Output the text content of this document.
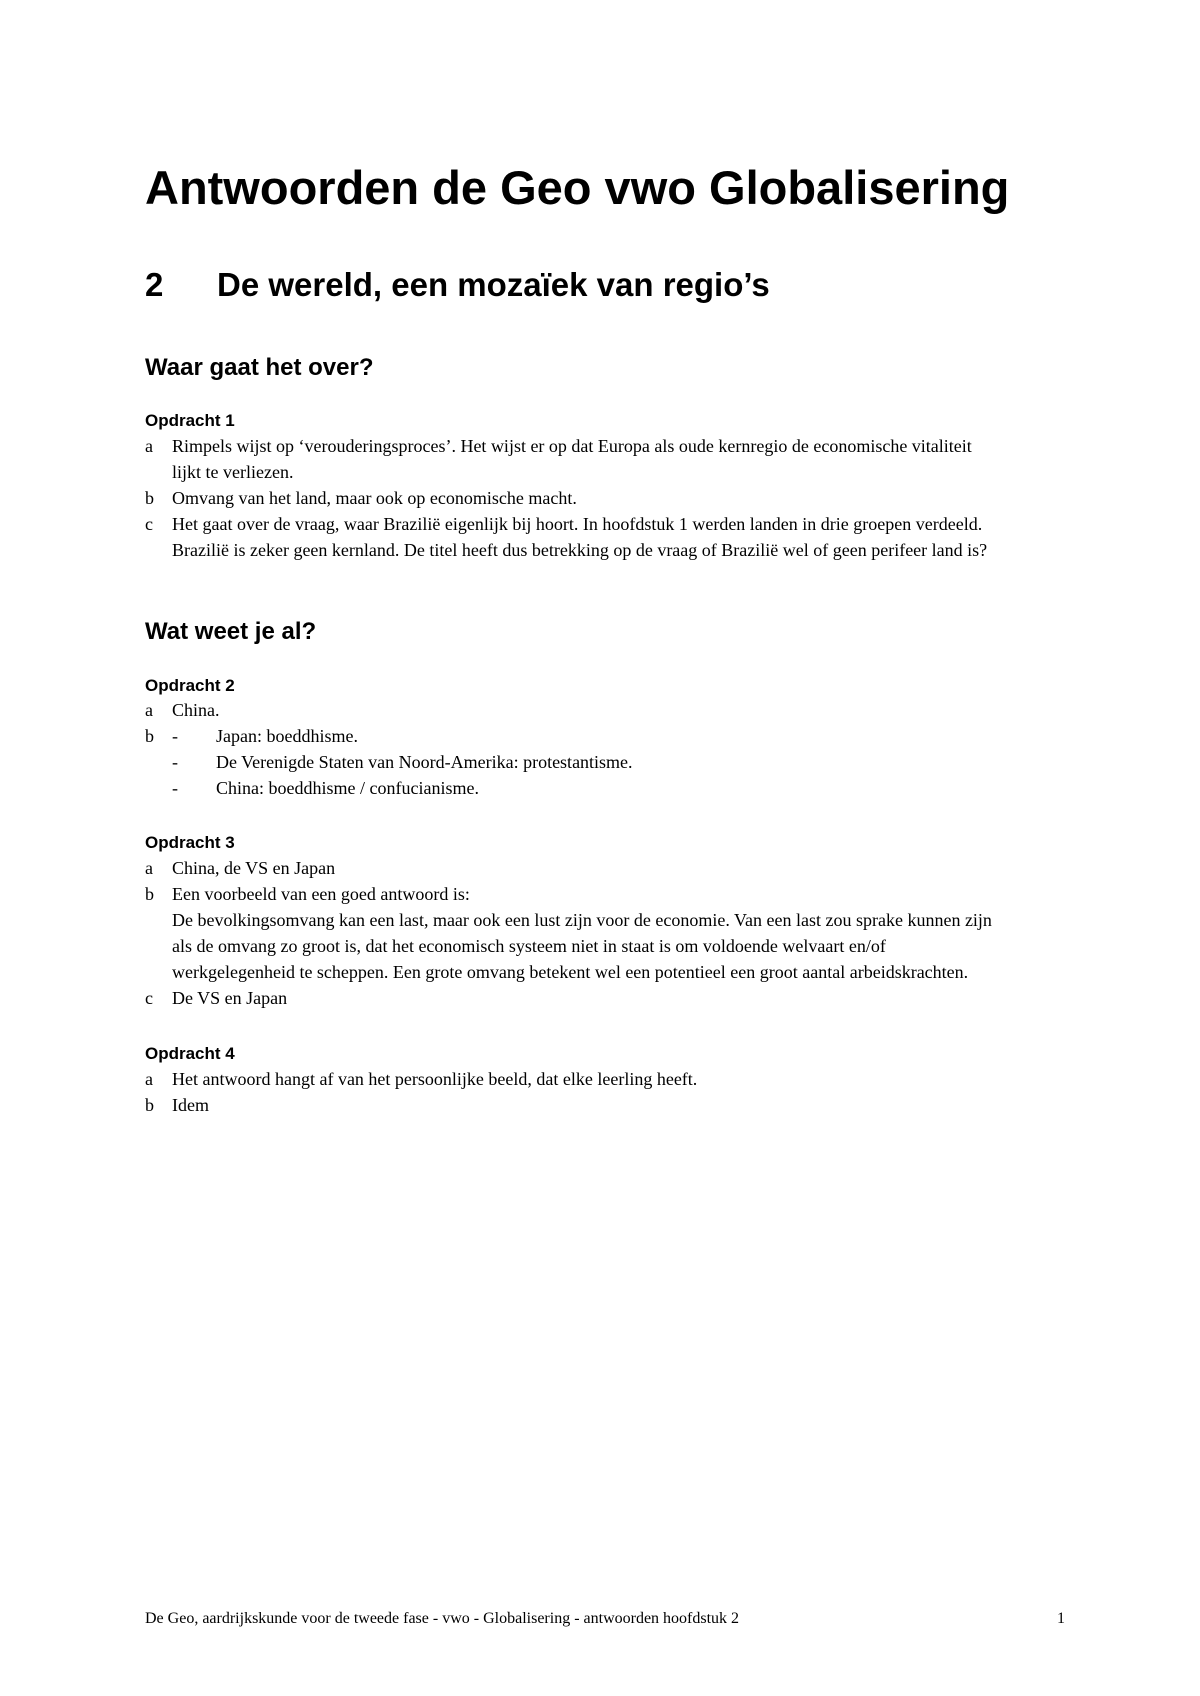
Antwoorden de Geo vwo Globalisering
2 De wereld, een mozaïek van regio’s
Waar gaat het over?
Opdracht 1
a Rimpels wijst op ‘verouderingsproces’. Het wijst er op dat Europa als oude kernregio de economische vitaliteit
lijkt te verliezen.
b Omvang van het land, maar ook op economische macht.
c Het gaat over de vraag, waar Brazilië eigenlijk bij hoort. In hoofdstuk 1 werden landen in drie groepen verdeeld.
Brazilië is zeker geen kernland. De titel heeft dus betrekking op de vraag of Brazilië wel of geen perifeer land is?
Wat weet je al?
Opdracht 2
a China.
b - Japan: boeddhisme.
- De Verenigde Staten van Noord-Amerika: protestantisme.
- China: boeddhisme / confucianisme.
Opdracht 3
a China, de VS en Japan
b Een voorbeeld van een goed antwoord is:
De bevolkingsomvang kan een last, maar ook een lust zijn voor de economie. Van een last zou sprake kunnen zijn
als de omvang zo groot is, dat het economisch systeem niet in staat is om voldoende welvaart en/of
werkgelegenheid te scheppen. Een grote omvang betekent wel een potentieel een groot aantal arbeidskrachten.
c De VS en Japan
Opdracht 4
a Het antwoord hangt af van het persoonlijke beeld, dat elke leerling heeft.
b Idem
De Geo, aardrijkskunde voor de tweede fase - vwo - Globalisering - antwoorden hoofdstuk 2	1
